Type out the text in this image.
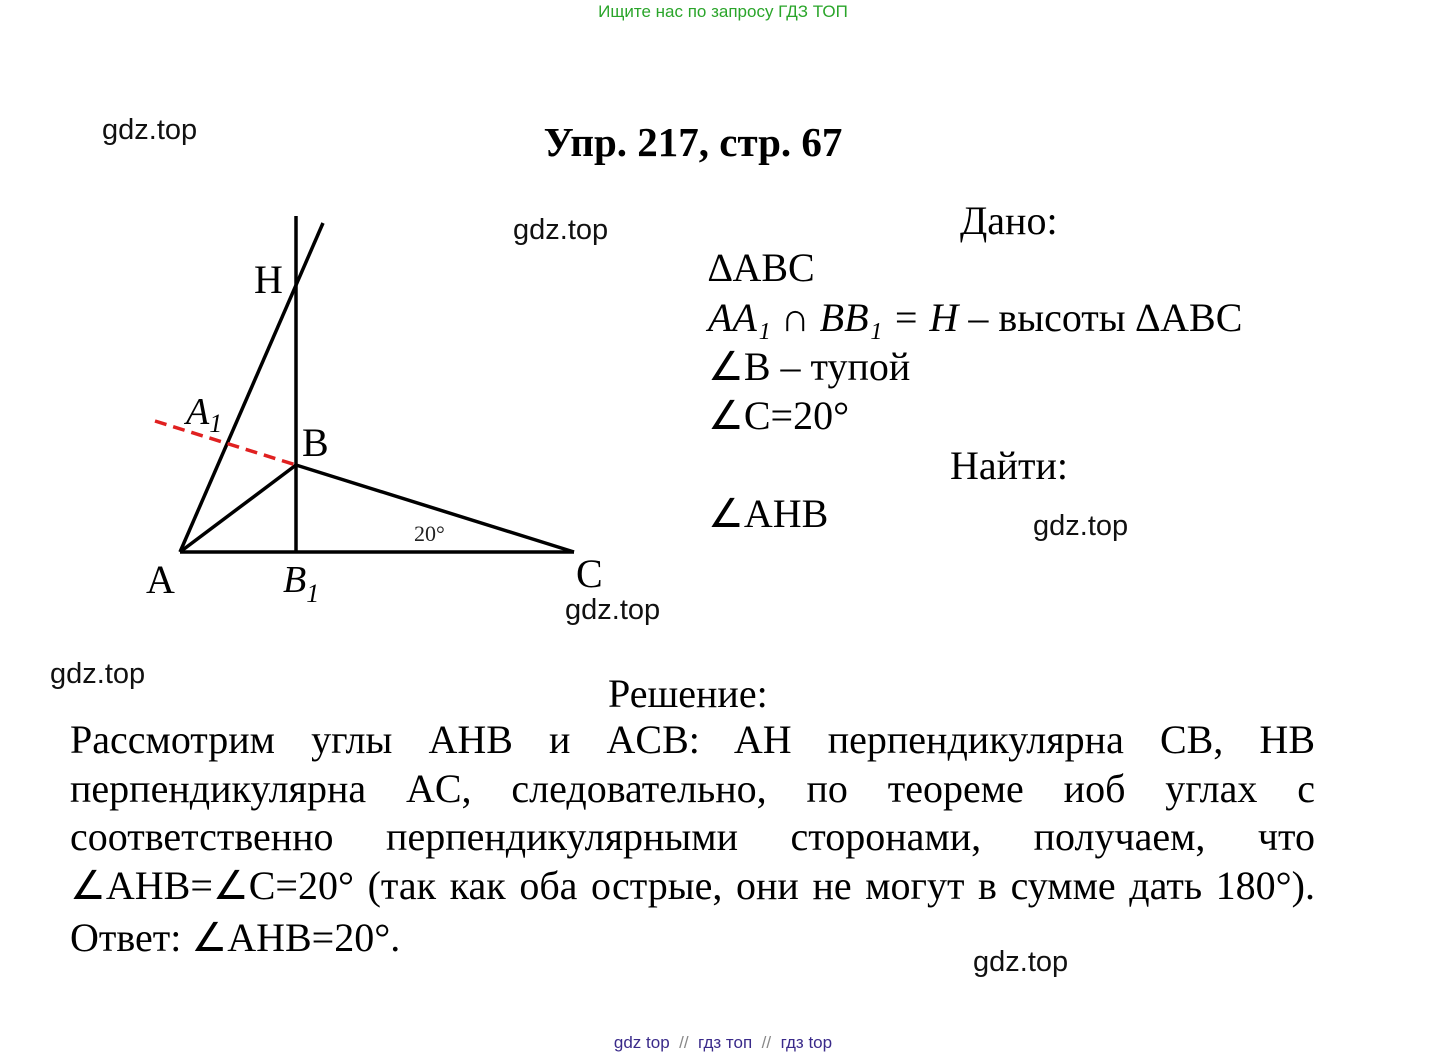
Ищите нас по запросу ГДЗ ТОП
gdz.top
gdz.top
gdz.top
gdz.top
gdz.top
gdz.top
Упр. 217, стр. 67
H
$A_1$ B
A	$B_1$	C
20°
Дано:
∆ABC
AA₁ ∩ BB₁ = H – высоты ∆ABC
∠B – тупой
∠C=20°
Найти:
∠AHB
Решение:
Рассмотрим углы AHB и ACB: AH перпендикулярна CB, HB
перпендикулярна AC, следовательно, по теореме иоб углах с
соответственно перпендикулярными сторонами, получаем, что
∠AHB=∠C=20° (так как оба острые, они не могут в сумме дать 180°).
Ответ: ∠AHB=20°.
gdz top // гдз топ // гдз top
